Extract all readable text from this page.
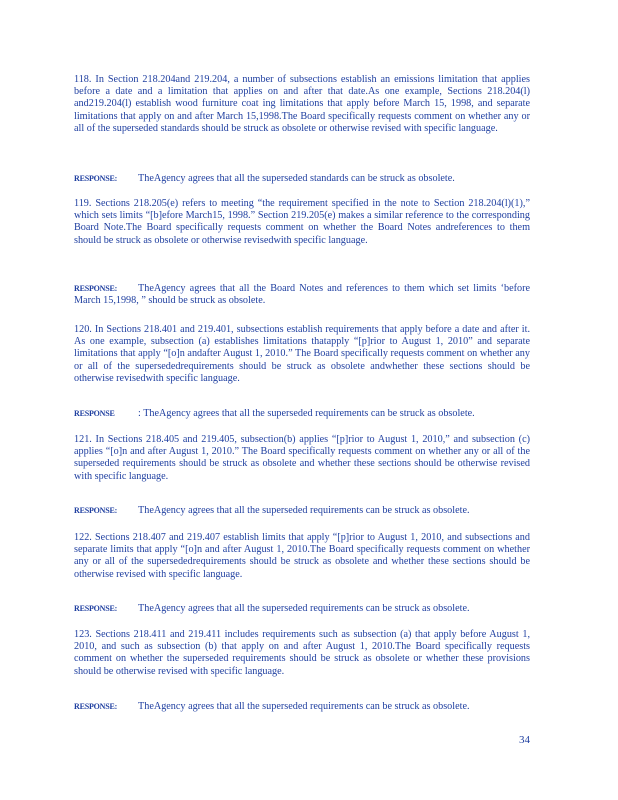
118. In Section 218.204and 219.204, a number of subsections establish an emissions limitation that applies before a date and a limitation that applies on and after that date.As one example, Sections 218.204(l) and219.204(l) establish wood furniture coat ing limitations that apply before March 15, 1998, and separate limitations that apply on and after March 15,1998.The Board specifically requests comment on whether any or all of the superseded standards should be struck as obsolete or otherwise revised with specific language.
RESPONSE: TheAgency agrees that all the superseded standards can be struck as obsolete.
119. Sections 218.205(e) refers to meeting “the requirement specified in the note to Section 218.204(l)(1),” which sets limits “[b]efore March15, 1998.” Section 219.205(e) makes a similar reference to the corresponding Board Note.The Board specifically requests comment on whether the Board Notes andreferences to them should be struck as obsolete or otherwise revisedwith specific language.
RESPONSE: TheAgency agrees that all the Board Notes and references to them which set limits ‘before March 15,1998, ” should be struck as obsolete.
120. In Sections 218.401 and 219.401, subsections establish requirements that apply before a date and after it. As one example, subsection (a) establishes limitations thatapply “[p]rior to August 1, 2010” and separate limitations that apply “[o]n andafter August 1, 2010.” The Board specifically requests comment on whether any or all of the supersededrequirements should be struck as obsolete andwhether these sections should be otherwise revisedwith specific language.
RESPONSE : TheAgency agrees that all the superseded requirements can be struck as obsolete.
121. In Sections 218.405 and 219.405, subsection(b) applies “[p]rior to August 1, 2010,” and subsection (c) applies “[o]n and after August 1, 2010.” The Board specifically requests comment on whether any or all of the superseded requirements should be struck as obsolete and whether these sections should be otherwise revised with specific language.
RESPONSE: TheAgency agrees that all the superseded requirements can be struck as obsolete.
122. Sections 218.407 and 219.407 establish limits that apply “[p]rior to August 1, 2010, and subsections and separate limits that apply “[o]n and after August 1, 2010.The Board specifically requests comment on whether any or all of the supersededrequirements should be struck as obsolete and whether these sections should be otherwise revised with specific language.
RESPONSE: TheAgency agrees that all the superseded requirements can be struck as obsolete.
123. Sections 218.411 and 219.411 includes requirements such as subsection (a) that apply before August 1, 2010, and such as subsection (b) that apply on and after August 1, 2010.The Board specifically requests comment on whether the superseded requirements should be struck as obsolete or whether these provisions should be otherwise revised with specific language.
RESPONSE: TheAgency agrees that all the superseded requirements can be struck as obsolete.
34
